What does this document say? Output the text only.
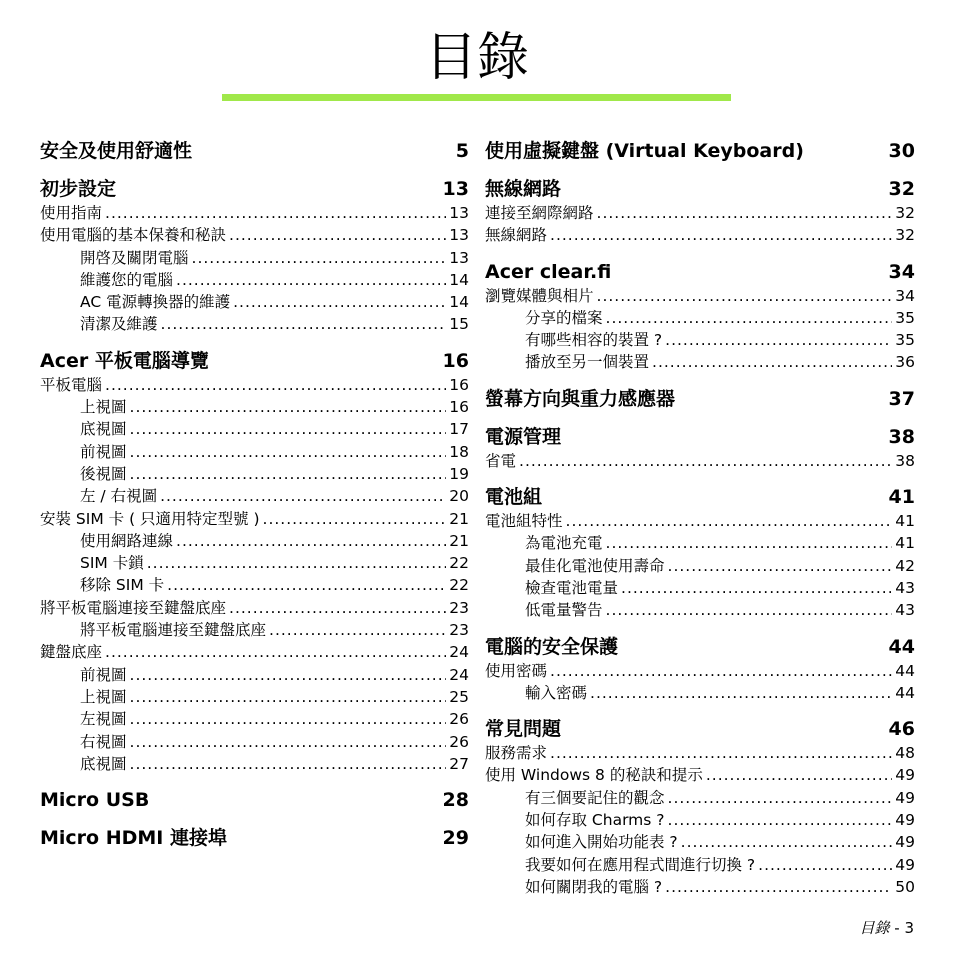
目錄
安全及使用舒適性	5
初步設定	13
使用指南 .....	13
使用電腦的基本保養和秘訣 .....	13
開啓及關閉電腦 .....	13
維護您的電腦 .....	14
AC 電源轉換器的維護 .....	14
清潔及維護 .....	15
Acer 平板電腦導覽	16
平板電腦 .....	16
上視圖 .....	16
底視圖 .....	17
前視圖 .....	18
後視圖 .....	19
左 / 右視圖 .....	20
安裝 SIM 卡 ( 只適用特定型號 ) .....	21
使用網路連線 .....	21
SIM 卡鎖 .....	22
移除 SIM 卡 .....	22
將平板電腦連接至鍵盤底座 .....	23
將平板電腦連接至鍵盤底座 .....	23
鍵盤底座 .....	24
前視圖 .....	24
上視圖 .....	25
左視圖 .....	26
右視圖 .....	26
底視圖 .....	27
Micro USB	28
Micro HDMI 連接埠	29
使用虛擬鍵盤 (Virtual Keyboard)	30
無線網路	32
連接至網際網路 .....	32
無線網路 .....	32
Acer clear.fi	34
瀏覽媒體與相片 .....	34
分享的檔案 .....	35
有哪些相容的裝置 ? .....	35
播放至另一個裝置 .....	36
螢幕方向與重力感應器	37
電源管理	38
省電 .....	38
電池組	41
電池組特性 .....	41
為電池充電 .....	41
最佳化電池使用壽命 .....	42
檢查電池電量 .....	43
低電量警告 .....	43
電腦的安全保護	44
使用密碼 .....	44
輸入密碼 .....	44
常見問題	46
服務需求 .....	48
使用 Windows 8 的秘訣和提示 .....	49
有三個要記住的觀念 .....	49
如何存取 Charms ? .....	49
如何進入開始功能表 ? .....	49
我要如何在應用程式間進行切換 ? .....	49
如何關閉我的電腦 ? .....	50
目錄 - 3
